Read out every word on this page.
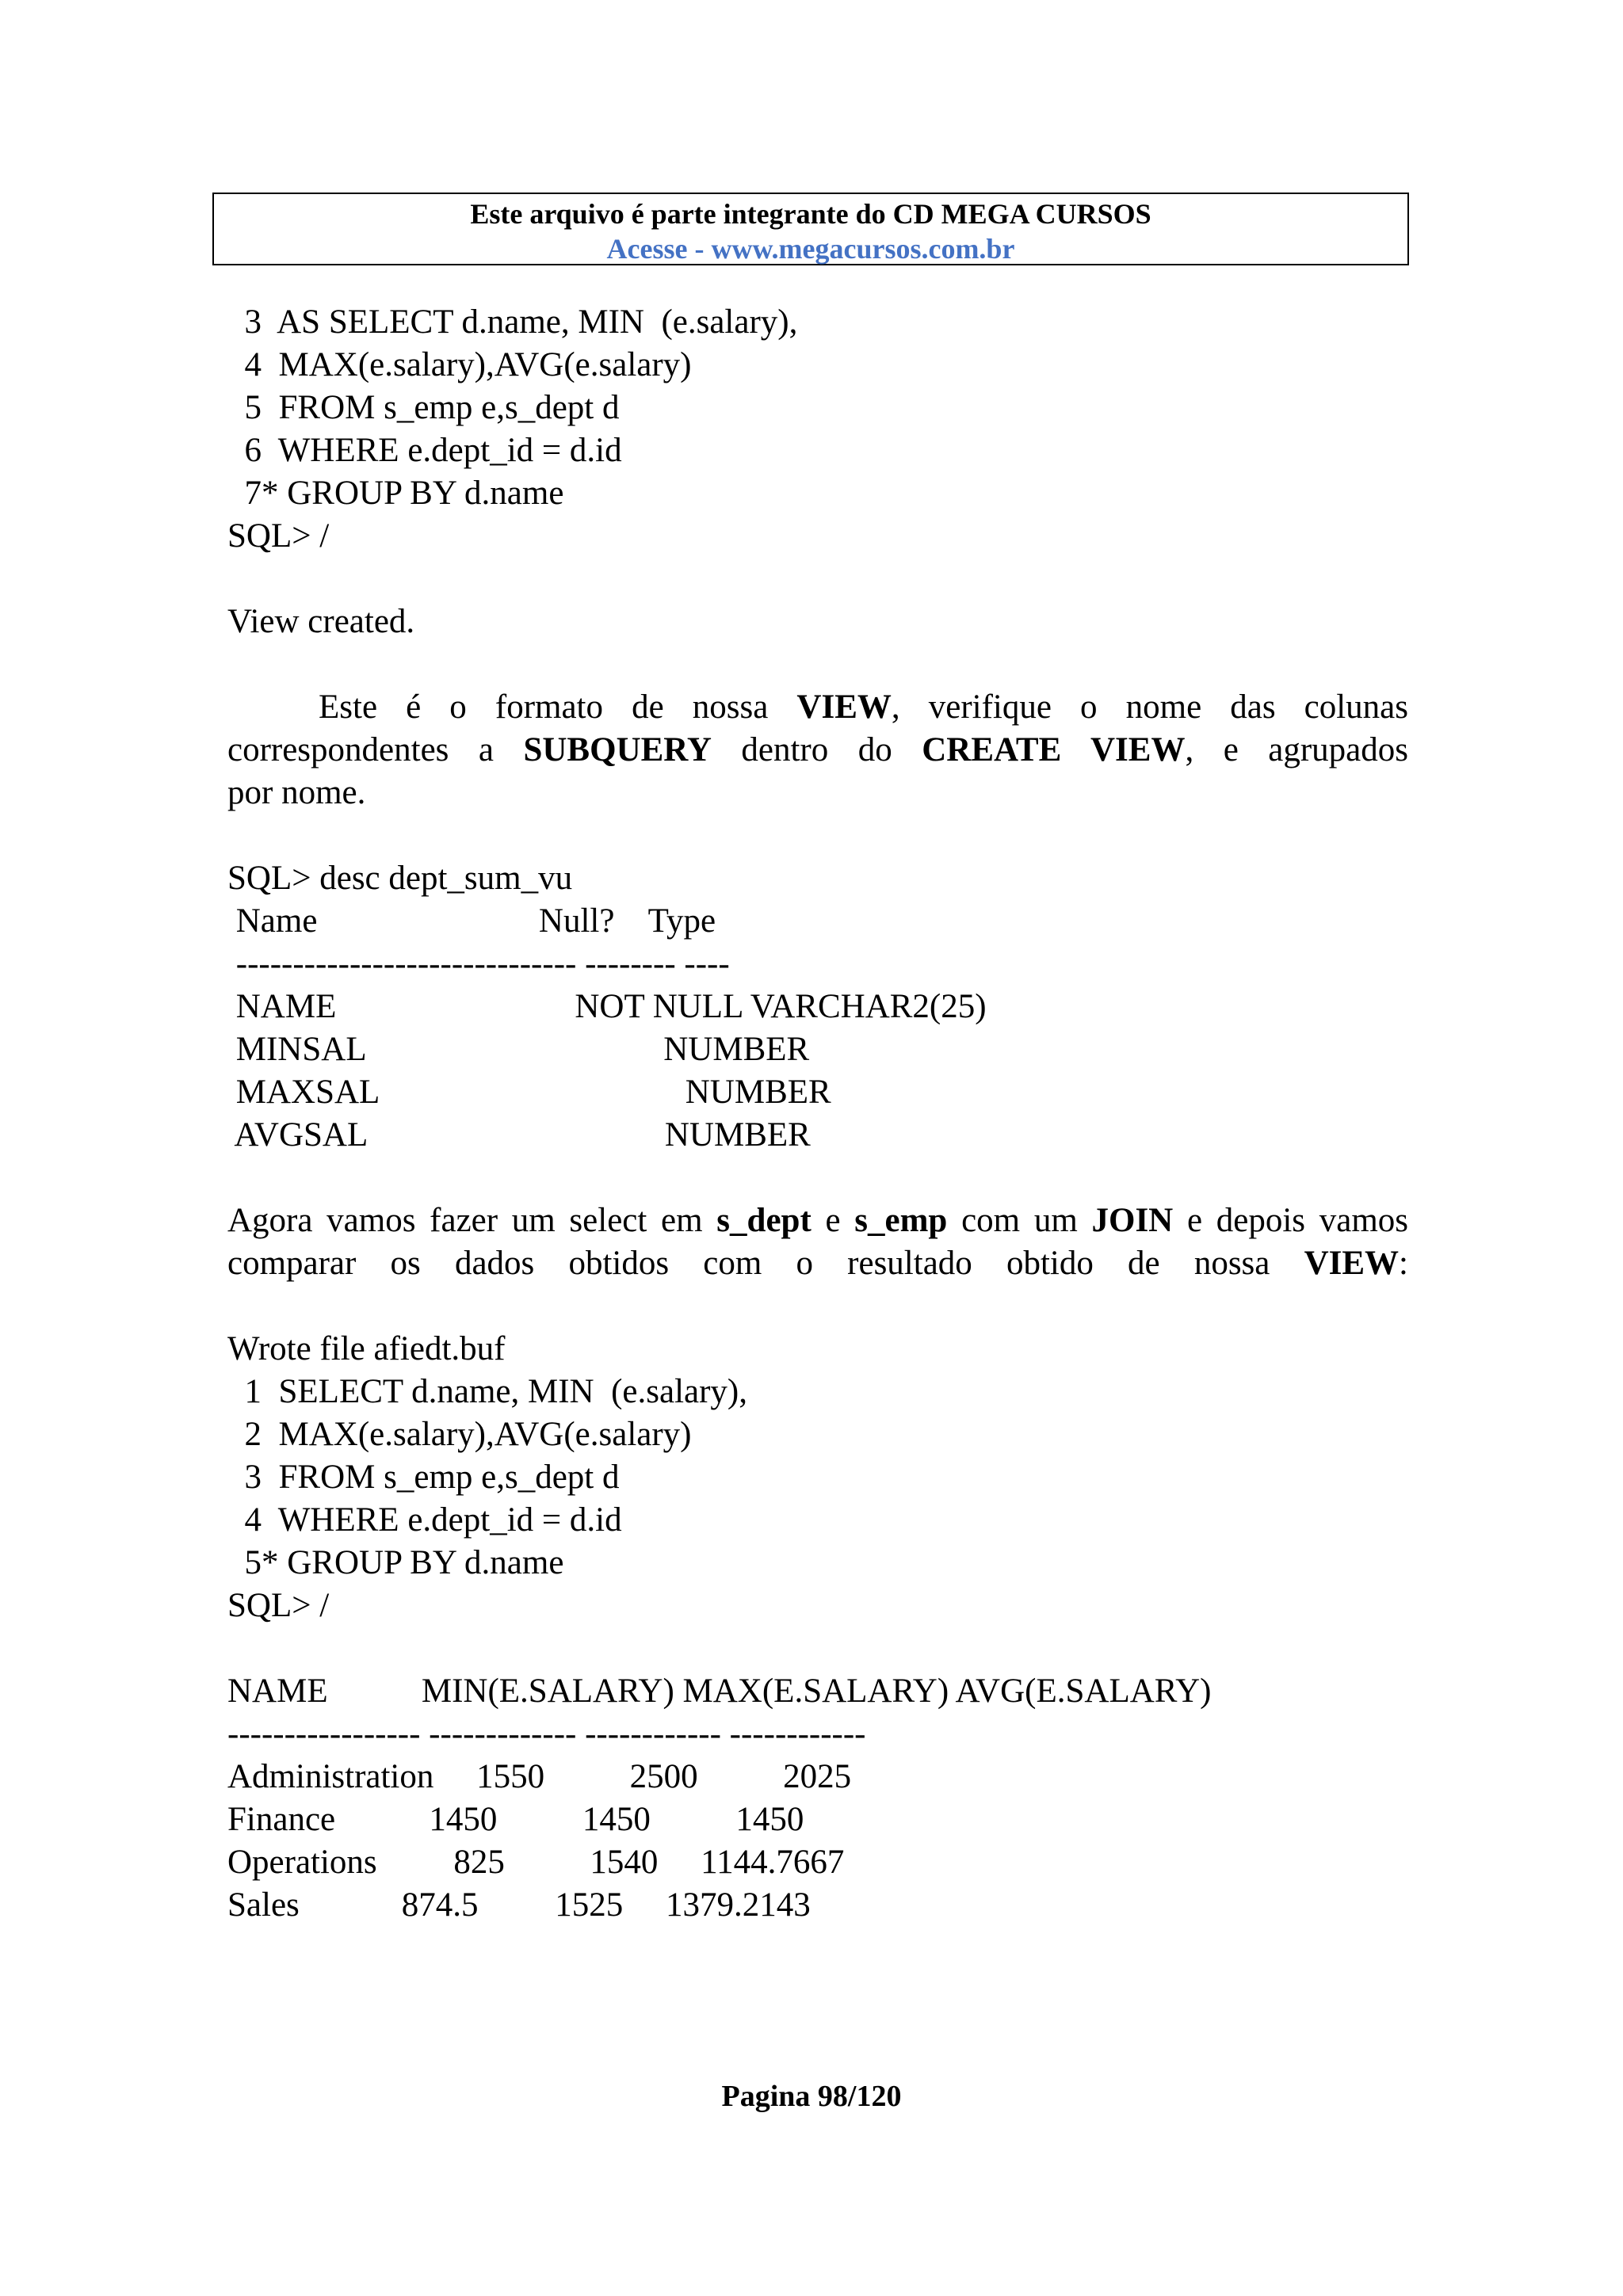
Este arquivo é parte integrante do CD MEGA CURSOS
Acesse - www.megacursos.com.br
3  AS SELECT d.name, MIN  (e.salary),
4  MAX(e.salary),AVG(e.salary)
5  FROM s_emp e,s_dept d
6  WHERE e.dept_id = d.id
7* GROUP BY d.name
SQL> /
View created.
Este é o formato de nossa VIEW, verifique o nome das colunas correspondentes a SUBQUERY dentro do CREATE VIEW, e agrupados
por nome.
SQL> desc dept_sum_vu
Name                          Null?    Type
------------------------------ -------- ----
NAME                            NOT NULL VARCHAR2(25)
MINSAL                                   NUMBER
MAXSAL                                    NUMBER
AVGSAL                                   NUMBER
Agora vamos fazer um select em s_dept e s_emp com um JOIN e depois vamos comparar os dados obtidos com o resultado obtido de nossa VIEW:
Wrote file afiedt.buf
1  SELECT d.name, MIN  (e.salary),
2  MAX(e.salary),AVG(e.salary)
3  FROM s_emp e,s_dept d
4  WHERE e.dept_id = d.id
5* GROUP BY d.name
SQL> /
NAME           MIN(E.SALARY) MAX(E.SALARY) AVG(E.SALARY)
----------------- ------------- ------------ ------------
Administration     1550          2500          2025
Finance           1450          1450          1450
Operations         825          1540     1144.7667
Sales            874.5         1525     1379.2143
Pagina 98/120
